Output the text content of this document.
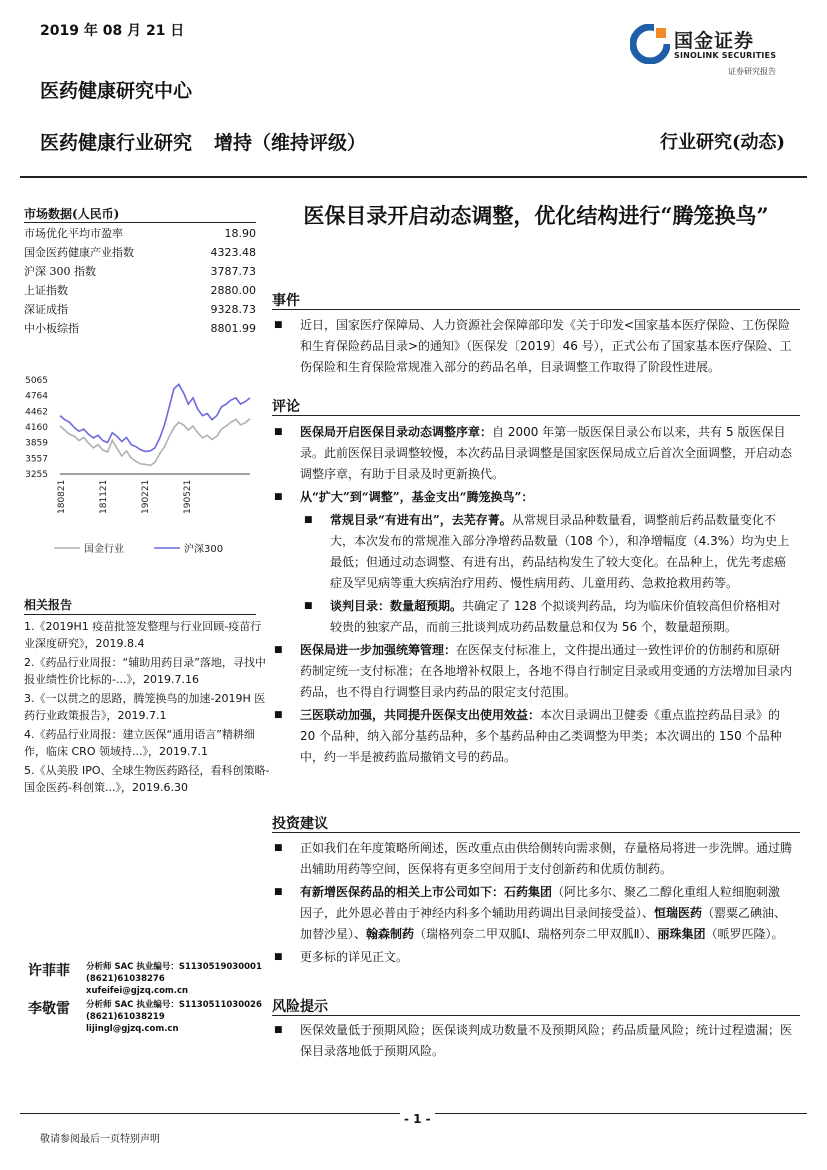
2019 年 08 月 21 日	国金证券
SINOLINK SECURITIES
证券研究报告
医药健康研究中心
医药健康行业研究 增持（维持评级）	行业研究(动态)
市场数据(人民币)
市场优化平均市盈率	18.90
国金医药健康产业指数	4323.48
沪深 300 指数	3787.73
上证指数	2880.00
深证成指	9328.73
中小板综指	8801.99
5065
4764
4462
4160
3859
3557
3255
180821	181121	190221	190521
国金行业	沪深300
相关报告
1.《2019H1 疫苗批签发整理与行业回顾-疫苗行业深度研究》，2019.8.4
2.《药品行业周报：“辅助用药目录”落地，寻找中报业绩性价比标的-...》，2019.7.16
3.《一以贯之的思路，腾笼换鸟的加速-2019H 医药行业政策报告》，2019.7.1
4.《药品行业周报：建立医保“通用语言”精耕细作，临床 CRO 领域持...》，2019.7.1
5.《从美股 IPO、全球生物医药路径，看科创策略-国金医药-科创策...》，2019.6.30
许菲菲 分析师 SAC 执业编号：S1130519030001
(8621)61038276
xufeifei@gjzq.com.cn
李敬雷 分析师 SAC 执业编号：S1130511030026
(8621)61038219
lijingl@gjzq.com.cn
医保目录开启动态调整，优化结构进行“腾笼换鸟”
事件

■ 近日，国家医疗保障局、人力资源社会保障部印发《关于印发<国家基本医疗保险、工伤保险和生育保险药品目录>的通知》（医保发〔2019〕46 号），正式公布了国家基本医疗保险、工伤保险和生育保险常规准入部分的药品名单，目录调整工作取得了阶段性进展。

评论

■ 医保局开启医保目录动态调整序章：自 2000 年第一版医保目录公布以来，共有 5 版医保目录。此前医保目录调整较慢，本次药品目录调整是国家医保局成立后首次全面调整，开启动态调整序章，有助于目录及时更新换代。

■ 从“扩大”到“调整”，基金支出“腾笼换鸟”：

■ 常规目录“有进有出”，去芜存菁。从常规目录品种数量看，调整前后药品数量变化不大，本次发布的常规准入部分净增药品数量（108 个），和净增幅度（4.3%）均为史上最低；但通过动态调整、有进有出，药品结构发生了较大变化。在品种上，优先考虑癌症及罕见病等重大疾病治疗用药、慢性病用药、儿童用药、急救抢救用药等。

■ 谈判目录：数量超预期。共确定了 128 个拟谈判药品，均为临床价值较高但价格相对较贵的独家产品，而前三批谈判成功药品数量总和仅为 56 个，数量超预期。

■ 医保局进一步加强统筹管理：在医保支付标准上，文件提出通过一致性评价的仿制药和原研药制定统一支付标准；在各地增补权限上，各地不得自行制定目录或用变通的方法增加目录内药品，也不得自行调整目录内药品的限定支付范围。

■ 三医联动加强，共同提升医保支出使用效益：本次目录调出卫健委《重点监控药品目录》的 20 个品种，纳入部分基药品种，多个基药品种由乙类调整为甲类；本次调出的 150 个品种中，约一半是被药监局撤销文号的药品。

投资建议

■ 正如我们在年度策略所阐述，医改重点由供给侧转向需求侧，存量格局将进一步洗牌。通过腾出辅助用药等空间，医保将有更多空间用于支付创新药和优质仿制药。

■ 有新增医保药品的相关上市公司如下：石药集团（阿比多尔、聚乙二醇化重组人粒细胞刺激因子，此外恩必普由于神经内科多个辅助用药调出目录间接受益）、恒瑞医药（罂粟乙碘油、加替沙星）、翰森制药（瑞格列奈二甲双胍Ⅰ、瑞格列奈二甲双胍Ⅱ）、丽珠集团（哌罗匹隆）。

■ 更多标的详见正文。

风险提示

■ 医保效量低于预期风险；医保谈判成功数量不及预期风险；药品质量风险；统计过程遗漏；医保目录落地低于预期风险。

- 1 -
敬请参阅最后一页特别声明
